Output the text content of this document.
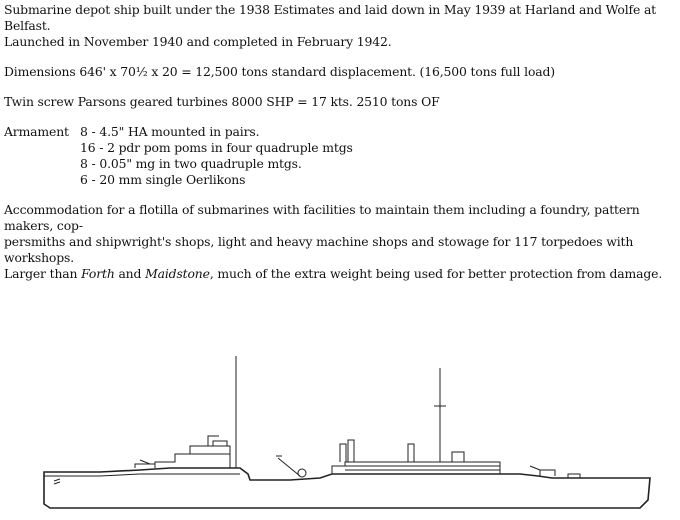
Submarine depot ship built under the 1938 Estimates and laid down in May 1939 at Harland and Wolfe at Belfast.
Launched in November 1940 and completed in February 1942.

Dimensions 646' x 70½ x 20 = 12,500 tons standard displacement. (16,500 tons full load)

Twin screw Parsons geared turbines 8000 SHP = 17 kts. 2510 tons OF

Armament 8 - 4.5" HA mounted in pairs.
16 - 2 pdr pom poms in four quadruple mtgs
8 - 0.05" mg in two quadruple mtgs.
6 - 20 mm single Oerlikons

Accommodation for a flotilla of submarines with facilities to maintain them including a foundry, pattern makers, cop-
persmiths and shipwright's shops, light and heavy machine shops and stowage for 117 torpedoes with workshops.
Larger than Forth and Maidstone, much of the extra weight being used for better protection from damage.
